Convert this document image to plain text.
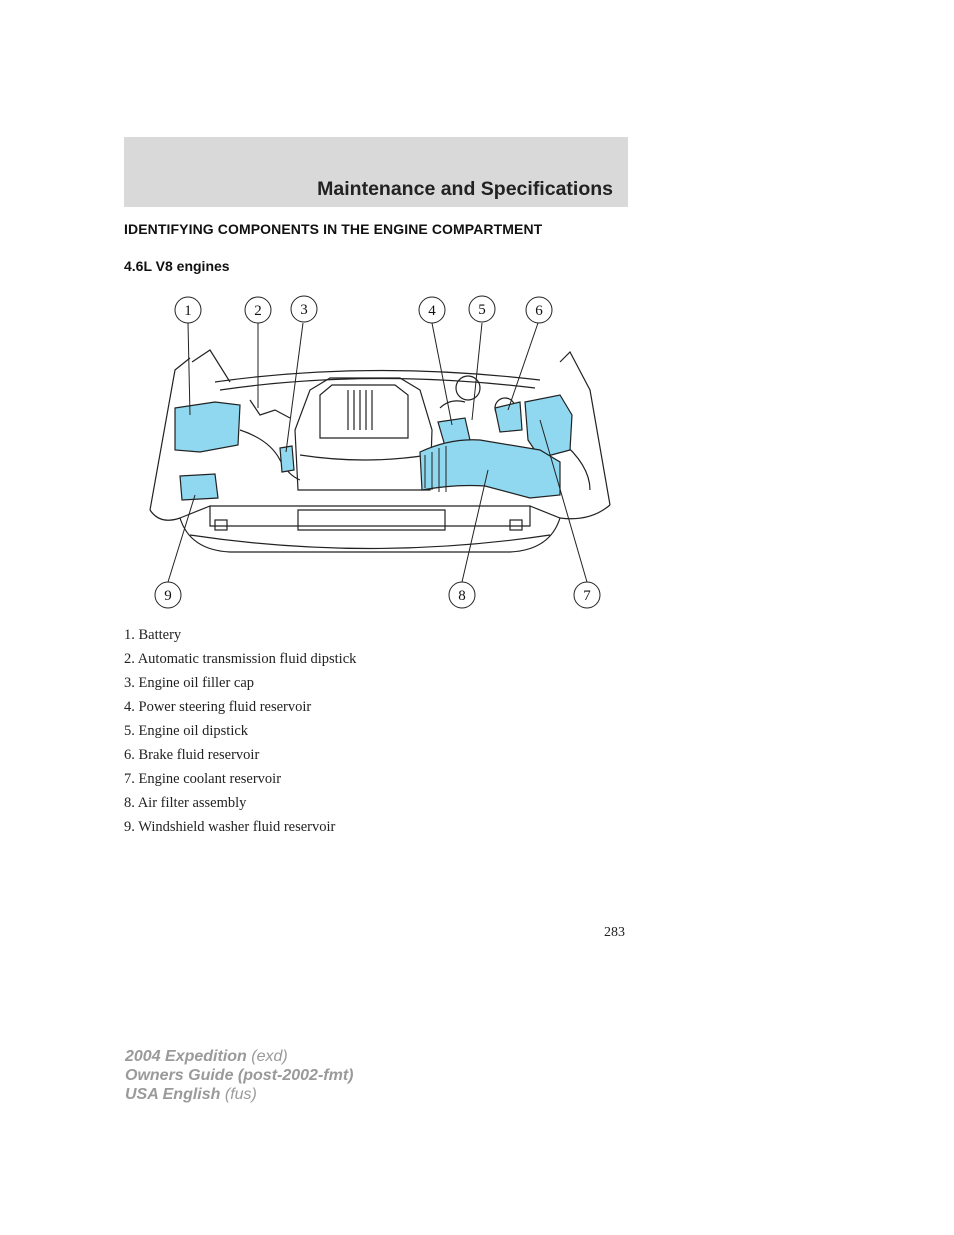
Maintenance and Specifications
IDENTIFYING COMPONENTS IN THE ENGINE COMPARTMENT
4.6L V8 engines
1	2	3	4	5	6
9	8	7
1. Battery
2. Automatic transmission fluid dipstick
3. Engine oil filler cap
4. Power steering fluid reservoir
5. Engine oil dipstick
6. Brake fluid reservoir
7. Engine coolant reservoir
8. Air filter assembly
9. Windshield washer fluid reservoir
283
2004 Expedition (exd)
Owners Guide (post-2002-fmt)
USA English (fus)
